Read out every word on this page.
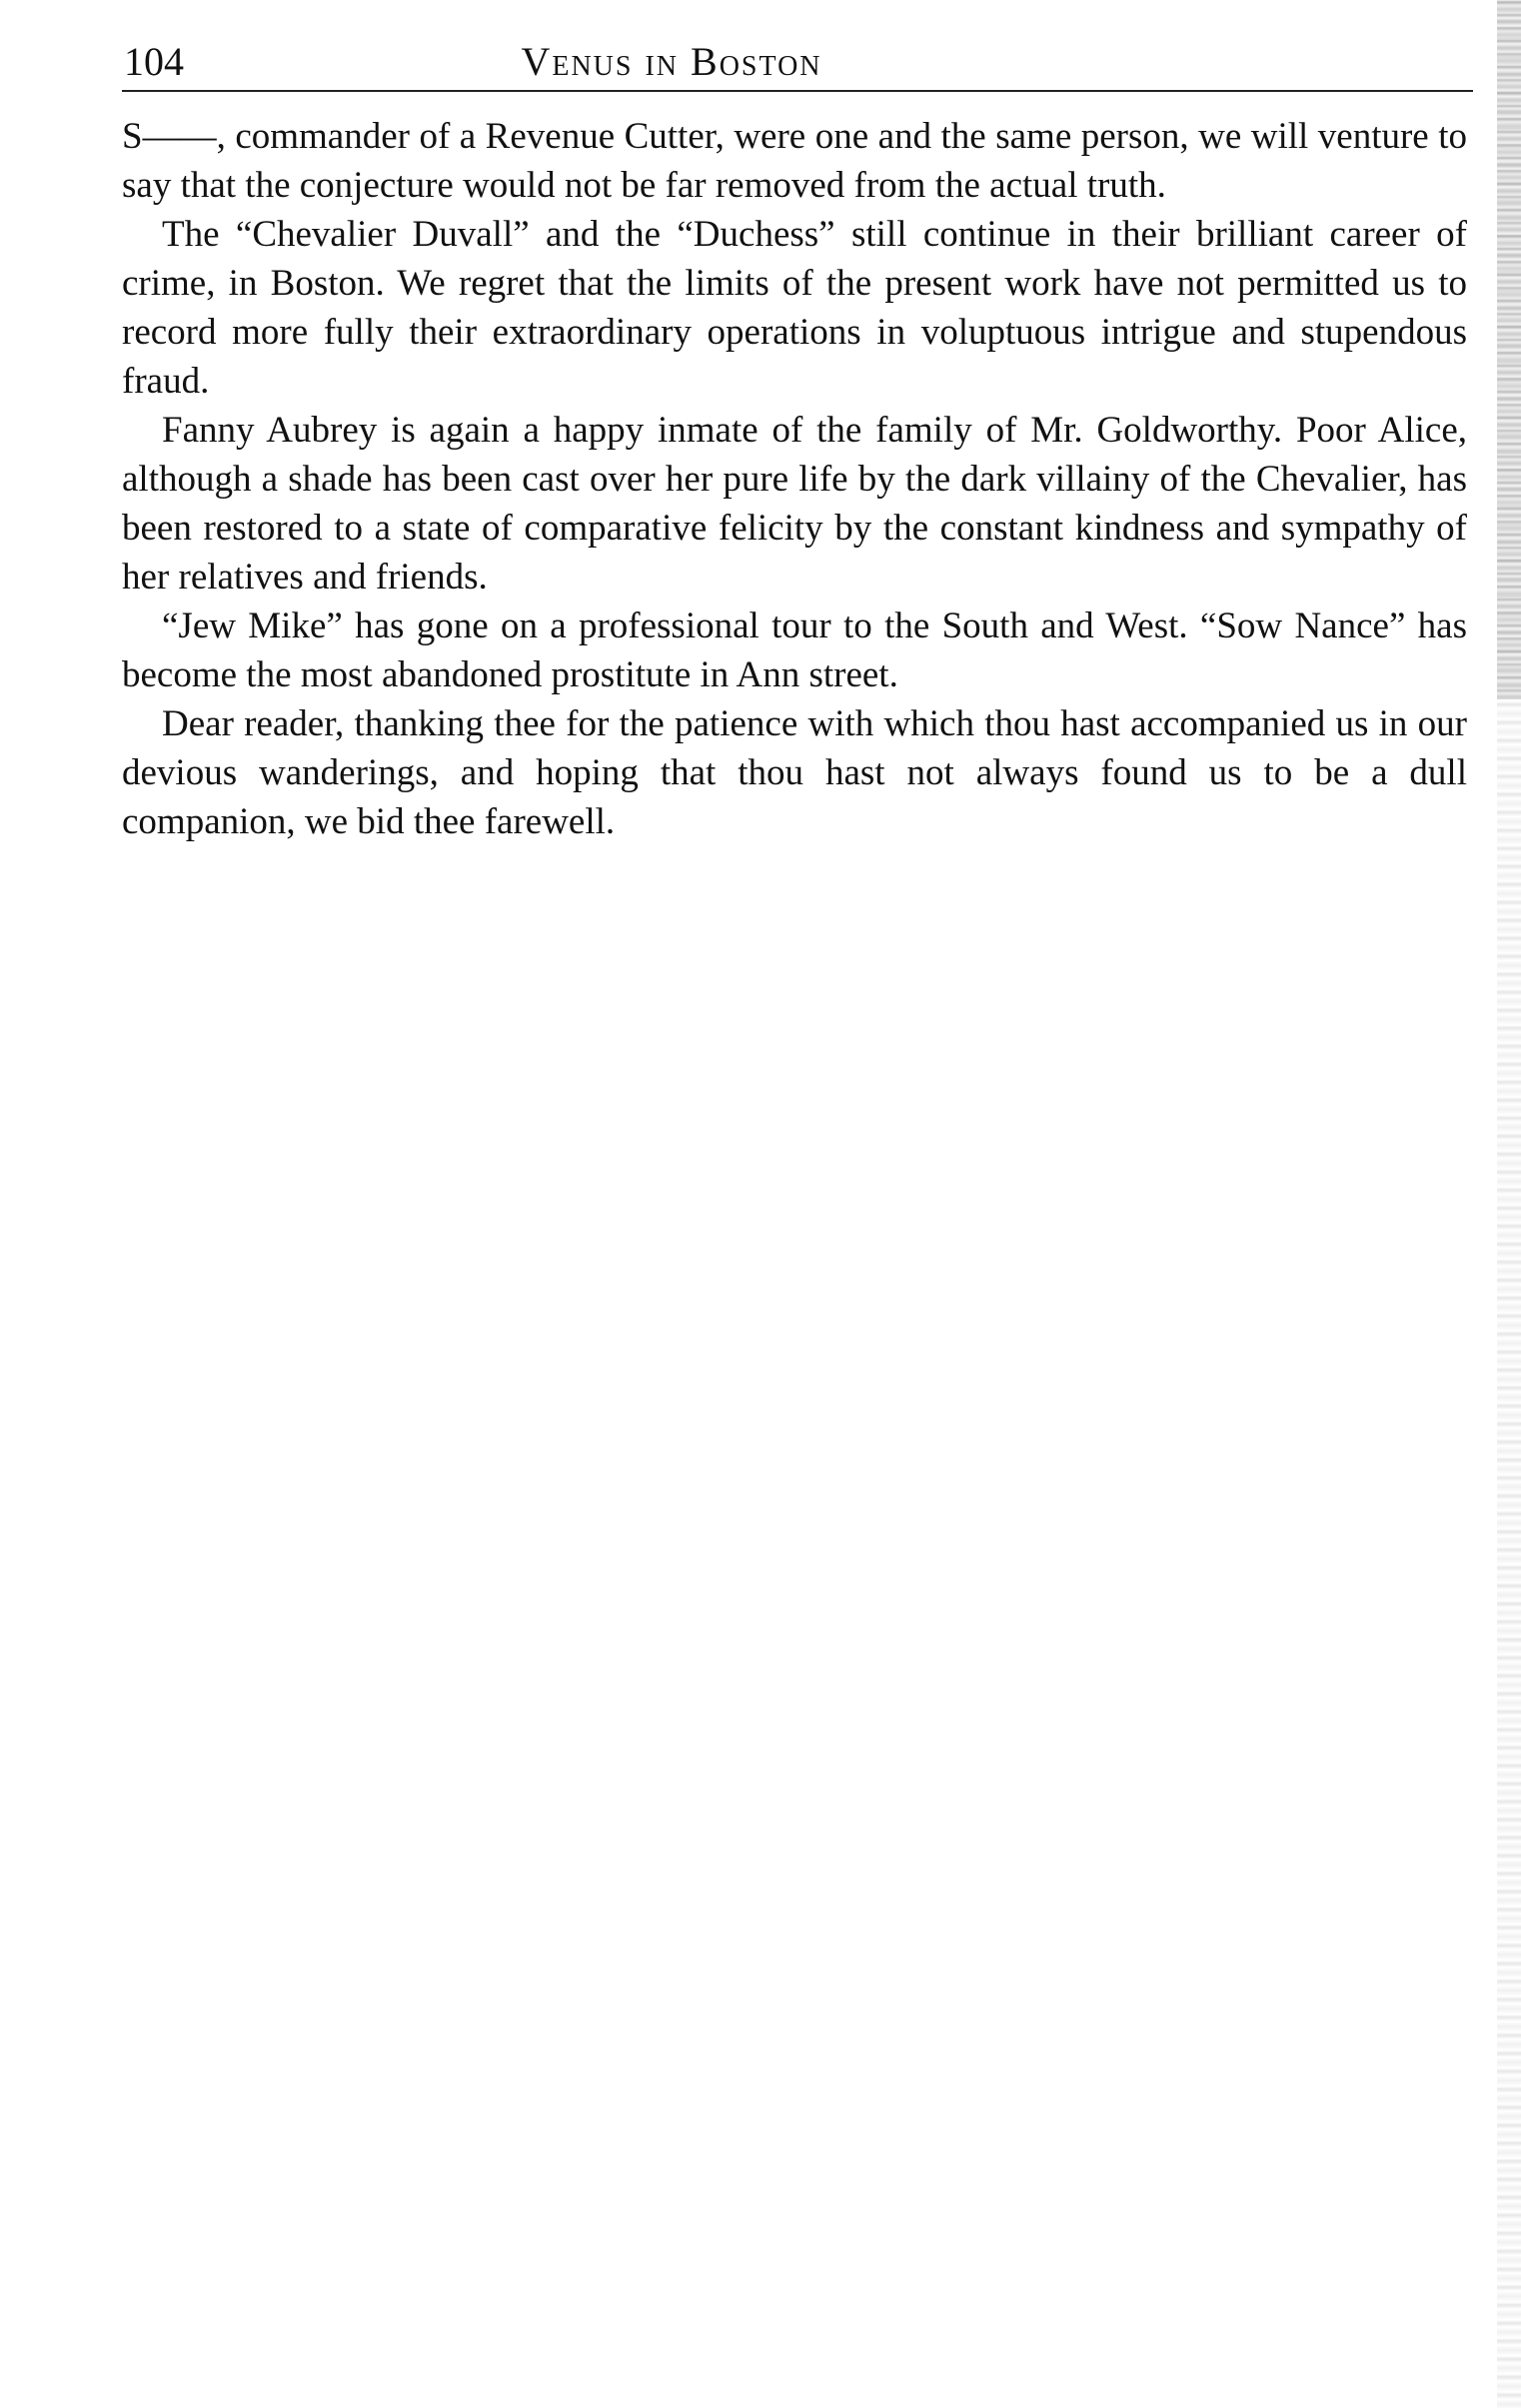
104	Venus in Boston

S——, commander of a Revenue Cutter, were one and the same person, we will venture to say that the conjecture would not be far removed from the actual truth.

The “Chevalier Duvall” and the “Duchess” still continue in their brilliant career of crime, in Boston. We regret that the limits of the present work have not permitted us to record more fully their extraordinary operations in voluptuous intrigue and stupendous fraud.

Fanny Aubrey is again a happy inmate of the family of Mr. Goldworthy. Poor Alice, although a shade has been cast over her pure life by the dark villainy of the Chevalier, has been restored to a state of comparative felicity by the constant kindness and sympathy of her relatives and friends.

“Jew Mike” has gone on a professional tour to the South and West. “Sow Nance” has become the most abandoned prostitute in Ann street.

Dear reader, thanking thee for the patience with which thou hast accompanied us in our devious wanderings, and hoping that thou hast not always found us to be a dull companion, we bid thee farewell.
